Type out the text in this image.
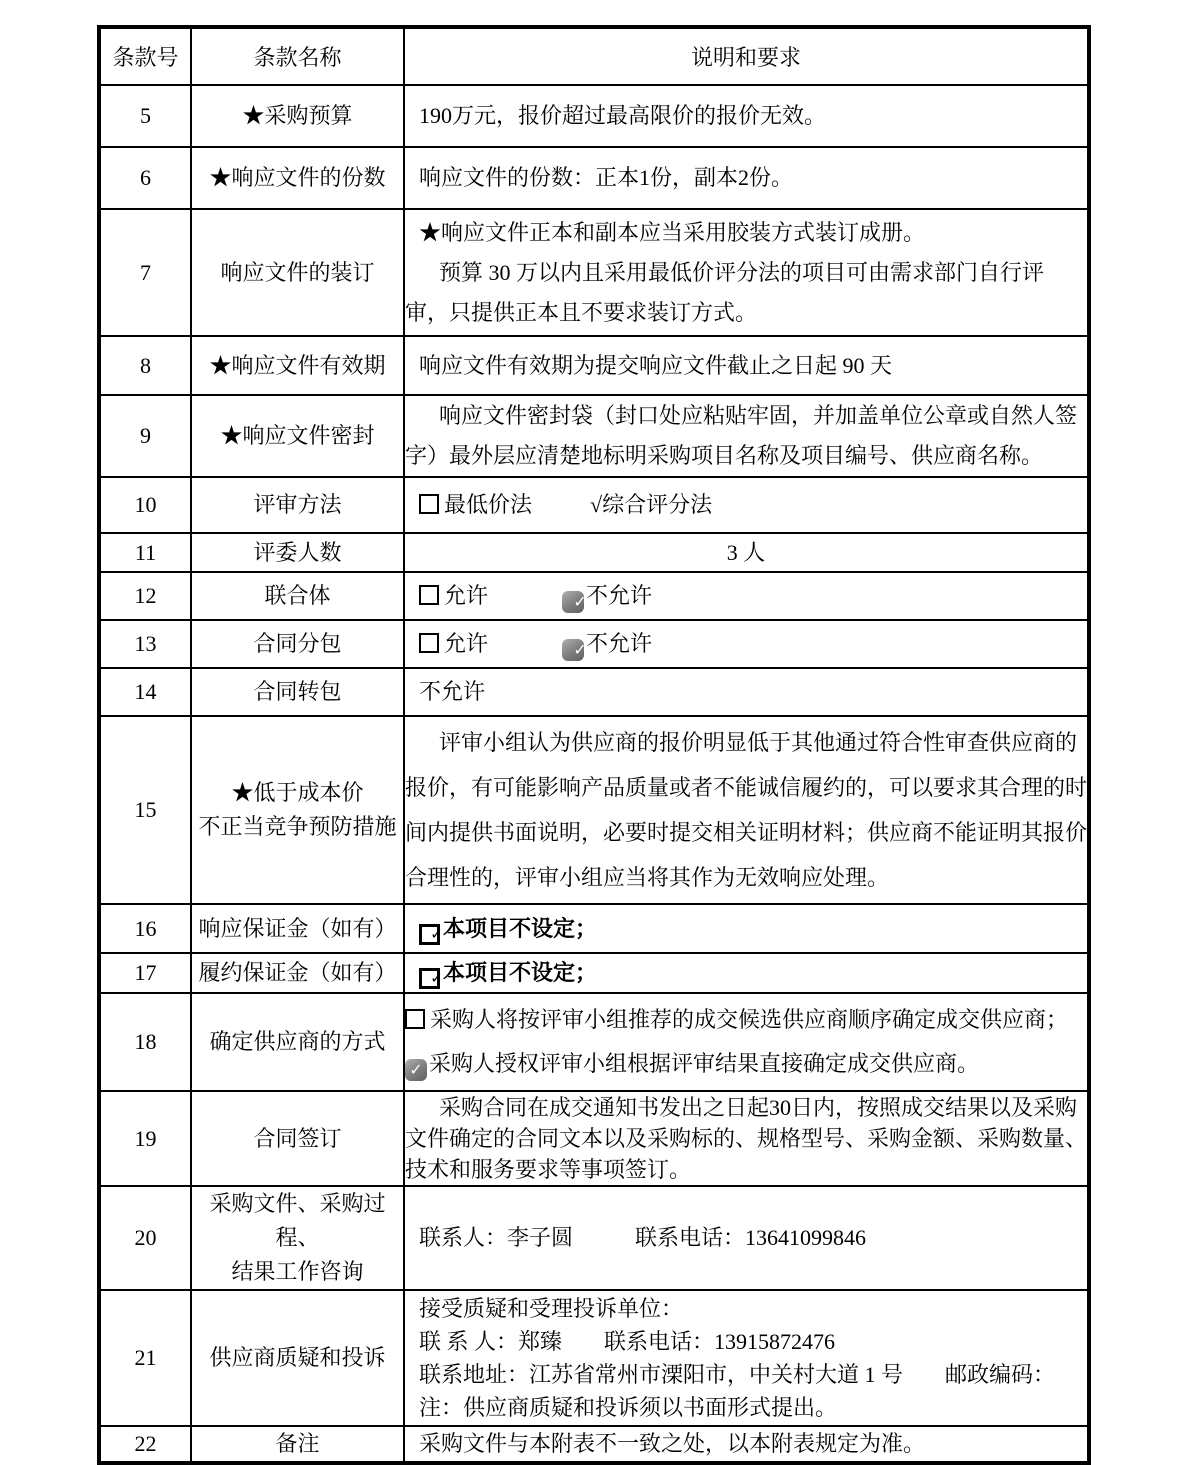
条款号	条款名称	说明和要求
5	★采购预算	190万元，报价超过最高限价的报价无效。

6	★响应文件的份数	响应文件的份数：正本1份，副本2份。

7	响应文件的装订	★响应文件正本和副本应当采用胶装方式装订成册。

预算 30 万以内且采用最低价评分法的项目可由需求部门自行评审，只提供正本且不要求装订方式。

8	★响应文件有效期	响应文件有效期为提交响应文件截止之日起 90 天

9	★响应文件密封	响应文件密封袋（封口处应粘贴牢固，并加盖单位公章或自然人签字）最外层应清楚地标明采购项目名称及项目编号、供应商名称。

10	评审方法	最低价法 √综合评分法

11	评委人数	3 人

12	联合体	允许 ✓不允许

13	合同分包	允许 ✓不允许

14	合同转包	不允许

15	★低于成本价
不正当竞争预防措施	评审小组认为供应商的报价明显低于其他通过符合性审查供应商的报价，有可能影响产品质量或者不能诚信履约的，可以要求其合理的时间内提供书面说明，必要时提交相关证明材料；供应商不能证明其报价合理性的，评审小组应当将其作为无效响应处理。

16	响应保证金（如有）	✓本项目不设定；

17	履约保证金（如有）	✓本项目不设定；

18	确定供应商的方式	采购人将按评审小组推荐的成交候选供应商顺序确定成交供应商；

✓ 采购人授权评审小组根据评审结果直接确定成交供应商。

19	合同签订	采购合同在成交通知书发出之日起30日内，按照成交结果以及采购文件确定的合同文本以及采购标的、规格型号、采购金额、采购数量、技术和服务要求等事项签订。

20	采购文件、采购过程、
结果工作咨询	联系人：李子圆 联系电话：13641099846

21	供应商质疑和投诉	接受质疑和受理投诉单位：

联 系 人：郑臻 联系电话：13915872476

联系地址：江苏省常州市溧阳市，中关村大道 1 号 邮政编码：

注：供应商质疑和投诉须以书面形式提出。

22	备注	采购文件与本附表不一致之处，以本附表规定为准。
